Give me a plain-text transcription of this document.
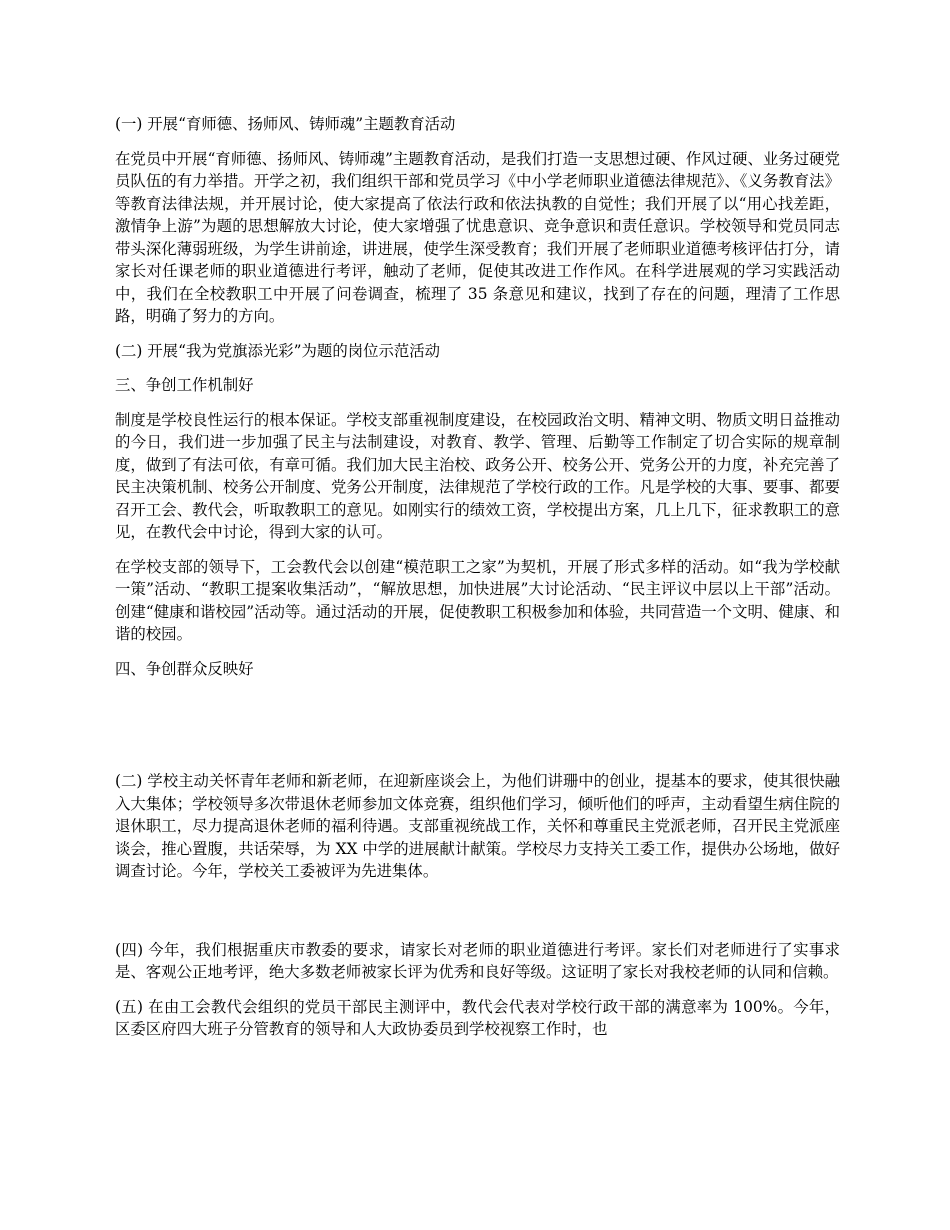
(一) 开展“育师德、扬师风、铸师魂”主题教育活动

在党员中开展“育师德、扬师风、铸师魂”主题教育活动，是我们打造一支思想过硬、作风过硬、业务过硬党员队伍的有力举措。开学之初，我们组织干部和党员学习《中小学老师职业道德法律规范》、《义务教育法》等教育法律法规，并开展讨论，使大家提高了依法行政和依法执教的自觉性；我们开展了以“用心找差距，激情争上游”为题的思想解放大讨论，使大家增强了忧患意识、竞争意识和责任意识。学校领导和党员同志带头深化薄弱班级，为学生讲前途，讲进展，使学生深受教育；我们开展了老师职业道德考核评估打分，请家长对任课老师的职业道德进行考评，触动了老师，促使其改进工作作风。在科学进展观的学习实践活动中，我们在全校教职工中开展了问卷调查，梳理了 35 条意见和建议，找到了存在的问题，理清了工作思路，明确了努力的方向。

(二) 开展“我为党旗添光彩”为题的岗位示范活动

三、争创工作机制好

制度是学校良性运行的根本保证。学校支部重视制度建设，在校园政治文明、精神文明、物质文明日益推动的今日，我们进一步加强了民主与法制建设，对教育、教学、管理、后勤等工作制定了切合实际的规章制度，做到了有法可依，有章可循。我们加大民主治校、政务公开、校务公开、党务公开的力度，补充完善了民主决策机制、校务公开制度、党务公开制度，法律规范了学校行政的工作。凡是学校的大事、要事、都要召开工会、教代会，听取教职工的意见。如刚实行的绩效工资，学校提出方案，几上几下，征求教职工的意见，在教代会中讨论，得到大家的认可。

在学校支部的领导下，工会教代会以创建“模范职工之家”为契机，开展了形式多样的活动。如“我为学校献一策”活动、“教职工提案收集活动”，“解放思想，加快进展”大讨论活动、“民主评议中层以上干部”活动。创建“健康和谐校园”活动等。通过活动的开展，促使教职工积极参加和体验，共同营造一个文明、健康、和谐的校园。

四、争创群众反映好

(二) 学校主动关怀青年老师和新老师，在迎新座谈会上，为他们讲珊中的创业，提基本的要求，使其很快融入大集体；学校领导多次带退休老师参加文体竞赛，组织他们学习，倾听他们的呼声，主动看望生病住院的退休职工，尽力提高退休老师的福利待遇。支部重视统战工作，关怀和尊重民主党派老师，召开民主党派座谈会，推心置腹，共话荣辱，为 XX 中学的进展献计献策。学校尽力支持关工委工作，提供办公场地，做好调查讨论。今年，学校关工委被评为先进集体。

(四) 今年，我们根据重庆市教委的要求，请家长对老师的职业道德进行考评。家长们对老师进行了实事求是、客观公正地考评，绝大多数老师被家长评为优秀和良好等级。这证明了家长对我校老师的认同和信赖。

(五) 在由工会教代会组织的党员干部民主测评中，教代会代表对学校行政干部的满意率为 100%。今年，区委区府四大班子分管教育的领导和人大政协委员到学校视察工作时，也
